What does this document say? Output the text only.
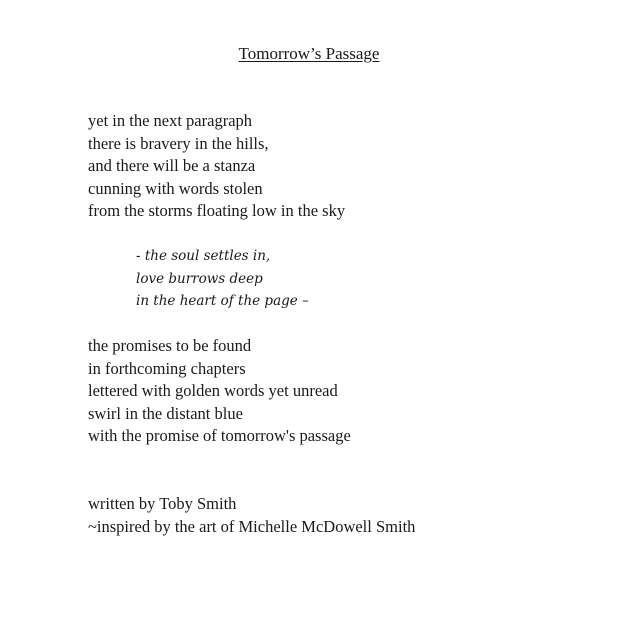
Tomorrow’s Passage
yet in the next paragraph
there is bravery in the hills,
and there will be a stanza
cunning with words stolen
from the storms floating low in the sky
- the soul settles in,
love burrows deep
in the heart of the page –
the promises to be found
in forthcoming chapters
lettered with golden words yet unread
swirl in the distant blue
with the promise of tomorrow's passage
written by Toby Smith
~inspired by the art of Michelle McDowell Smith
